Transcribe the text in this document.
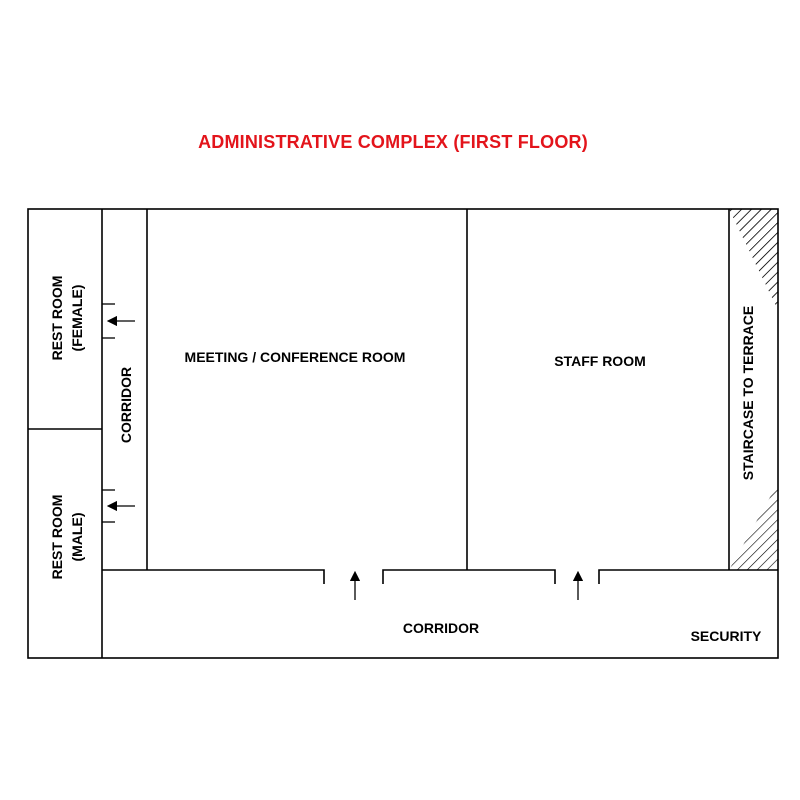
ADMINISTRATIVE COMPLEX (FIRST FLOOR)
REST ROOM (FEMALE)
REST ROOM (MALE)
CORRIDOR
MEETING / CONFERENCE ROOM	STAFF ROOM	STAIRCASE TO TERRACE
CORRIDOR	SECURITY
